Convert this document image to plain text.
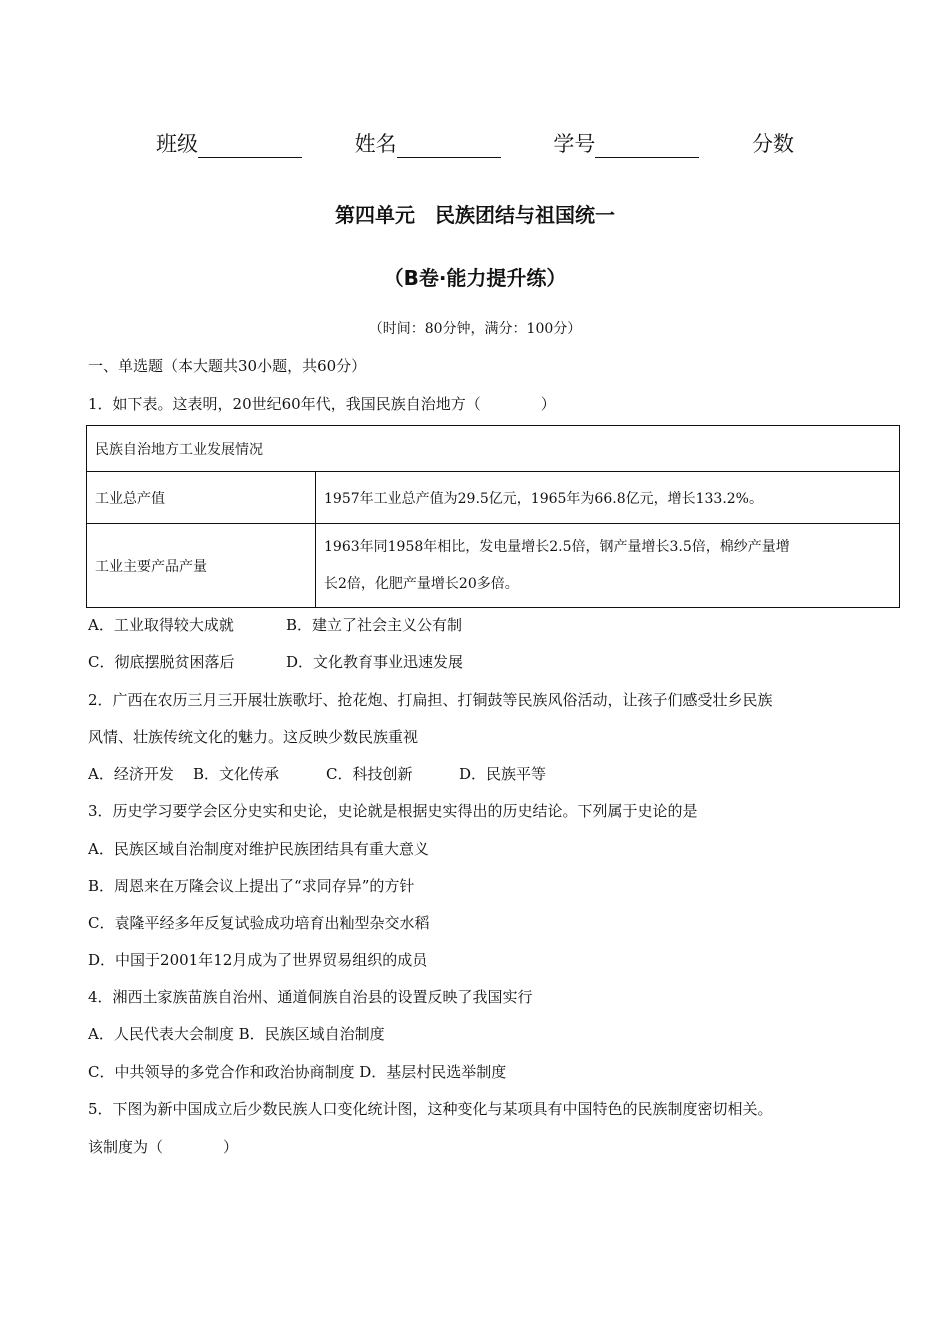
班级	姓名	学号	分数
第四单元　民族团结与祖国统一
（B卷·能力提升练）
（时间：80分钟，满分：100分）
一、单选题（本大题共30小题，共60分）
1．如下表。这表明，20世纪60年代，我国民族自治地方（　　　　）
民族自治地方工业发展情况	
工业总产值	1957年工业总产值为29.5亿元，1965年为66.8亿元，增长133.2%。
工业主要产品产量	1963年同1958年相比，发电量增长2.5倍，钢产量增长3.5倍，棉纱产量增
长2倍，化肥产量增长20多倍。
A．工业取得较大成就	B．建立了社会主义公有制
C．彻底摆脱贫困落后	D．文化教育事业迅速发展
2．广西在农历三月三开展壮族歌圩、抢花炮、打扁担、打铜鼓等民族风俗活动，让孩子们感受壮乡民族
风情、壮族传统文化的魅力。这反映少数民族重视
A．经济开发 B．文化传承	C．科技创新	D．民族平等
3．历史学习要学会区分史实和史论，史论就是根据史实得出的历史结论。下列属于史论的是
A．民族区域自治制度对维护民族团结具有重大意义
B．周恩来在万隆会议上提出了“求同存异”的方针
C．袁隆平经多年反复试验成功培育出籼型杂交水稻
D．中国于2001年12月成为了世界贸易组织的成员
4．湘西土家族苗族自治州、通道侗族自治县的设置反映了我国实行
A．人民代表大会制度 B．民族区域自治制度
C．中共领导的多党合作和政治协商制度 D．基层村民选举制度
5．下图为新中国成立后少数民族人口变化统计图，这种变化与某项具有中国特色的民族制度密切相关。
该制度为（　　　　）
